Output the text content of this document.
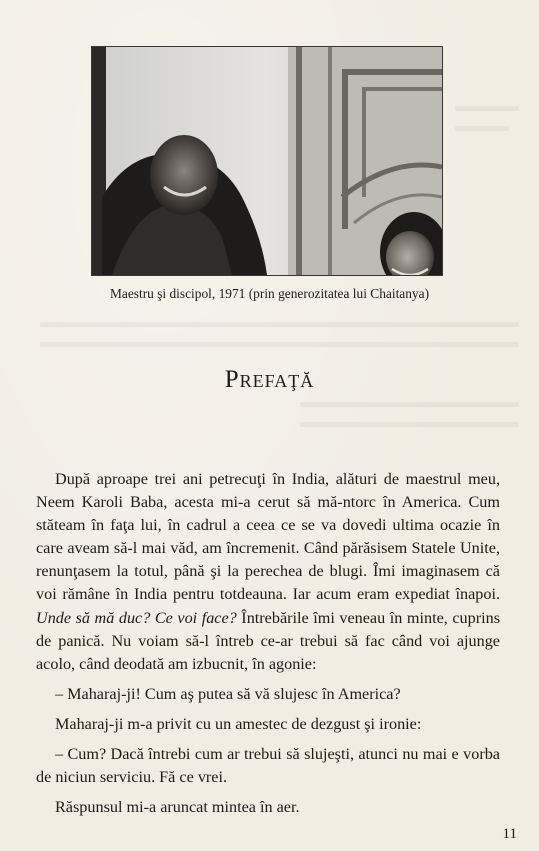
Maestru şi discipol, 1971 (prin generozitatea lui Chaitanya)
Prefaţă

După aproape trei ani petrecuţi în India, alături de maestrul meu, Neem Karoli Baba, acesta mi-a cerut să mă-ntorc în America. Cum stăteam în faţa lui, în cadrul a ceea ce se va dovedi ultima ocazie în care aveam să-l mai văd, am încremenit. Când părăsisem Statele Unite, renunţasem la totul, până şi la perechea de blugi. Îmi imaginasem că voi rămâne în India pentru totdeauna. Iar acum eram expediat înapoi. Unde să mă duc? Ce voi face? Întrebările îmi veneau în minte, cuprins de panică. Nu voiam să-l întreb ce-ar trebui să fac când voi ajunge acolo, când deodată am izbucnit, în agonie:

– Maharaj-ji! Cum aş putea să vă slujesc în America?

Maharaj-ji m-a privit cu un amestec de dezgust şi ironie:

– Cum? Dacă întrebi cum ar trebui să slujeşti, atunci nu mai e vorba de niciun serviciu. Fă ce vrei.

Răspunsul mi-a aruncat mintea în aer.

11
